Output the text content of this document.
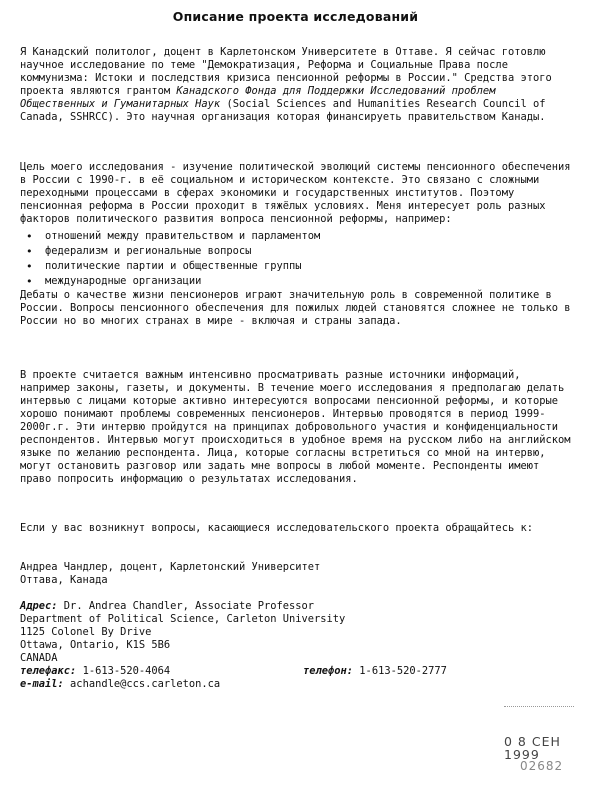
Описание проекта исследований

Я Канадский политолог, доцент в Карлетонском Университете в Оттаве. Я сейчас готовлю научное исследование по теме "Демократизация, Реформа и Социальные Права после коммунизма: Истоки и последствия кризиса пенсионной реформы в России." Средства этого проекта являются грантом Канадского Фонда для Поддержки Исследований проблем Общественных и Гуманитарных Наук (Social Sciences and Humanities Research Council of Canada, SSHRCC). Это научная организация которая финансируеть правительством Канады.

Цель моего исследования - изучение политической эволюций системы пенсионного обеспечения в России с 1990-г. в её социальном и историческом контексте. Это связано с сложными переходными процессами в сферах экономики и государственных институтов. Поэтому пенсионная реформа в России проходит в тяжёлых условиях. Меня интересует роль разных факторов политического развития вопроса пенсионной реформы, например:

• отношений между правительством и парламентом
• федерализм и региональные вопросы
• политические партии и общественные группы
• международные организации

Дебаты о качестве жизни пенсионеров играют значительную роль в современной политике в России. Вопросы пенсионного обеспечения для пожилых людей становятся сложнее не только в России но во многих странах в мире - включая и страны запада.

В проекте считается важным интенсивно просматривать разные источники информаций, например законы, газеты, и документы. В течение моего исследования я предполагаю делать интервью с лицами которые активно интересуются вопросами пенсионной реформы, и которые хорошо понимают проблемы современных пенсионеров. Интервью проводятся в период 1999-2000г.г. Эти интервю пройдутся на принципах добровольного участия и конфиденциальности респондентов. Интервью могут происходиться в удобное время на русском либо на английском языке по желанию респондента. Лица, которые согласны встретиться со мной на интервю, могут остановить разговор или задать мне вопросы в любой моменте. Респонденты имеют право попросить информацию о результатах исследования.

Если у вас возникнут вопросы, касающиеся исследовательского проекта обращайтесь к:

Андреа Чандлер, доцент, Карлетонский Университет
Оттава, Канада
Адрес: Dr. Andrea Chandler, Associate Professor
Department of Political Science, Carleton University
1125 Colonel By Drive
Ottawa, Ontario, K1S 5B6
CANADA
телефакс: 1-613-520-4064	телефон: 1-613-520-2777
e-mail: achandle@ccs.carleton.ca
0 8 СЕН 1999
02682
